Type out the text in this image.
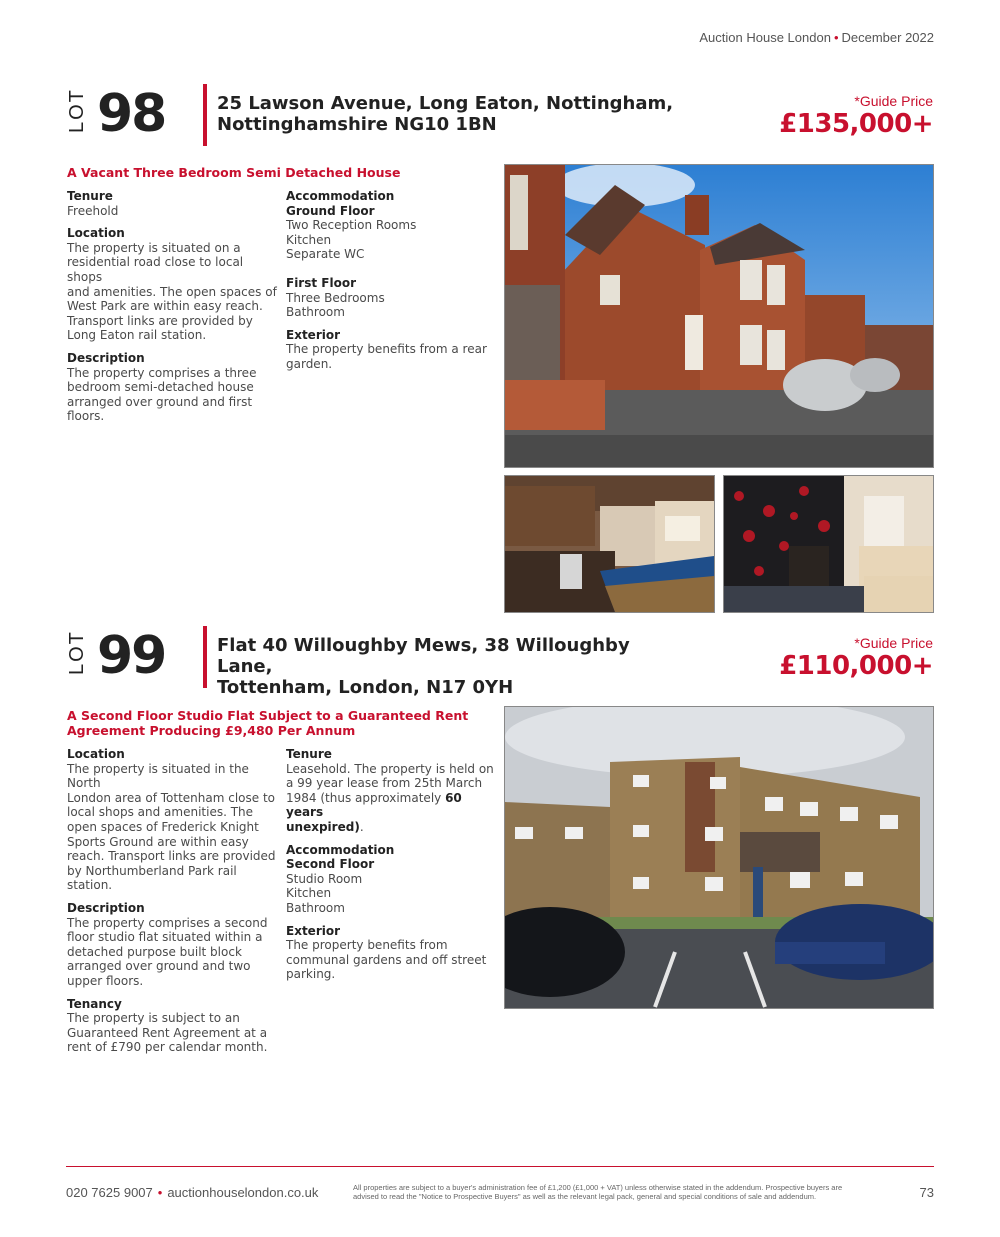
Auction House London • December 2022
LOT 98	25 Lawson Avenue, Long Eaton, Nottingham,
Nottinghamshire NG10 1BN
*Guide Price
£135,000+
A Vacant Three Bedroom Semi Detached House
Tenure
Freehold
Location
The property is situated on a
residential road close to local shops
and amenities. The open spaces of
West Park are within easy reach.
Transport links are provided by
Long Eaton rail station.
Description
The property comprises a three
bedroom semi-detached house
arranged over ground and first
floors.
Accommodation
Ground Floor
Two Reception Rooms
Kitchen
Separate WC
First Floor
Three Bedrooms
Bathroom
Exterior
The property benefits from a rear
garden.
LOT 99	Flat 40 Willoughby Mews, 38 Willoughby Lane,
Tottenham, London, N17 0YH
*Guide Price
£110,000+
A Second Floor Studio Flat Subject to a Guaranteed Rent
Agreement Producing £9,480 Per Annum
Location
The property is situated in the North
London area of Tottenham close to
local shops and amenities. The
open spaces of Frederick Knight
Sports Ground are within easy
reach. Transport links are provided
by Northumberland Park rail
station.
Description
The property comprises a second
floor studio flat situated within a
detached purpose built block
arranged over ground and two
upper floors.
Tenancy
The property is subject to an
Guaranteed Rent Agreement at a
rent of £790 per calendar month.
Tenure
Leasehold. The property is held on
a 99 year lease from 25th March
1984 (thus approximately 60 years
unexpired).
Accommodation
Second Floor
Studio Room
Kitchen
Bathroom
Exterior
The property benefits from
communal gardens and off street
parking.
020 7625 9007 • auctionhouselondon.co.uk	All properties are subject to a buyer's administration fee of £1,200 (£1,000 + VAT) unless otherwise stated in the addendum. Prospective buyers are advised to read the "Notice to Prospective Buyers" as well as the relevant legal pack, general and special conditions of sale and addendum.	73
